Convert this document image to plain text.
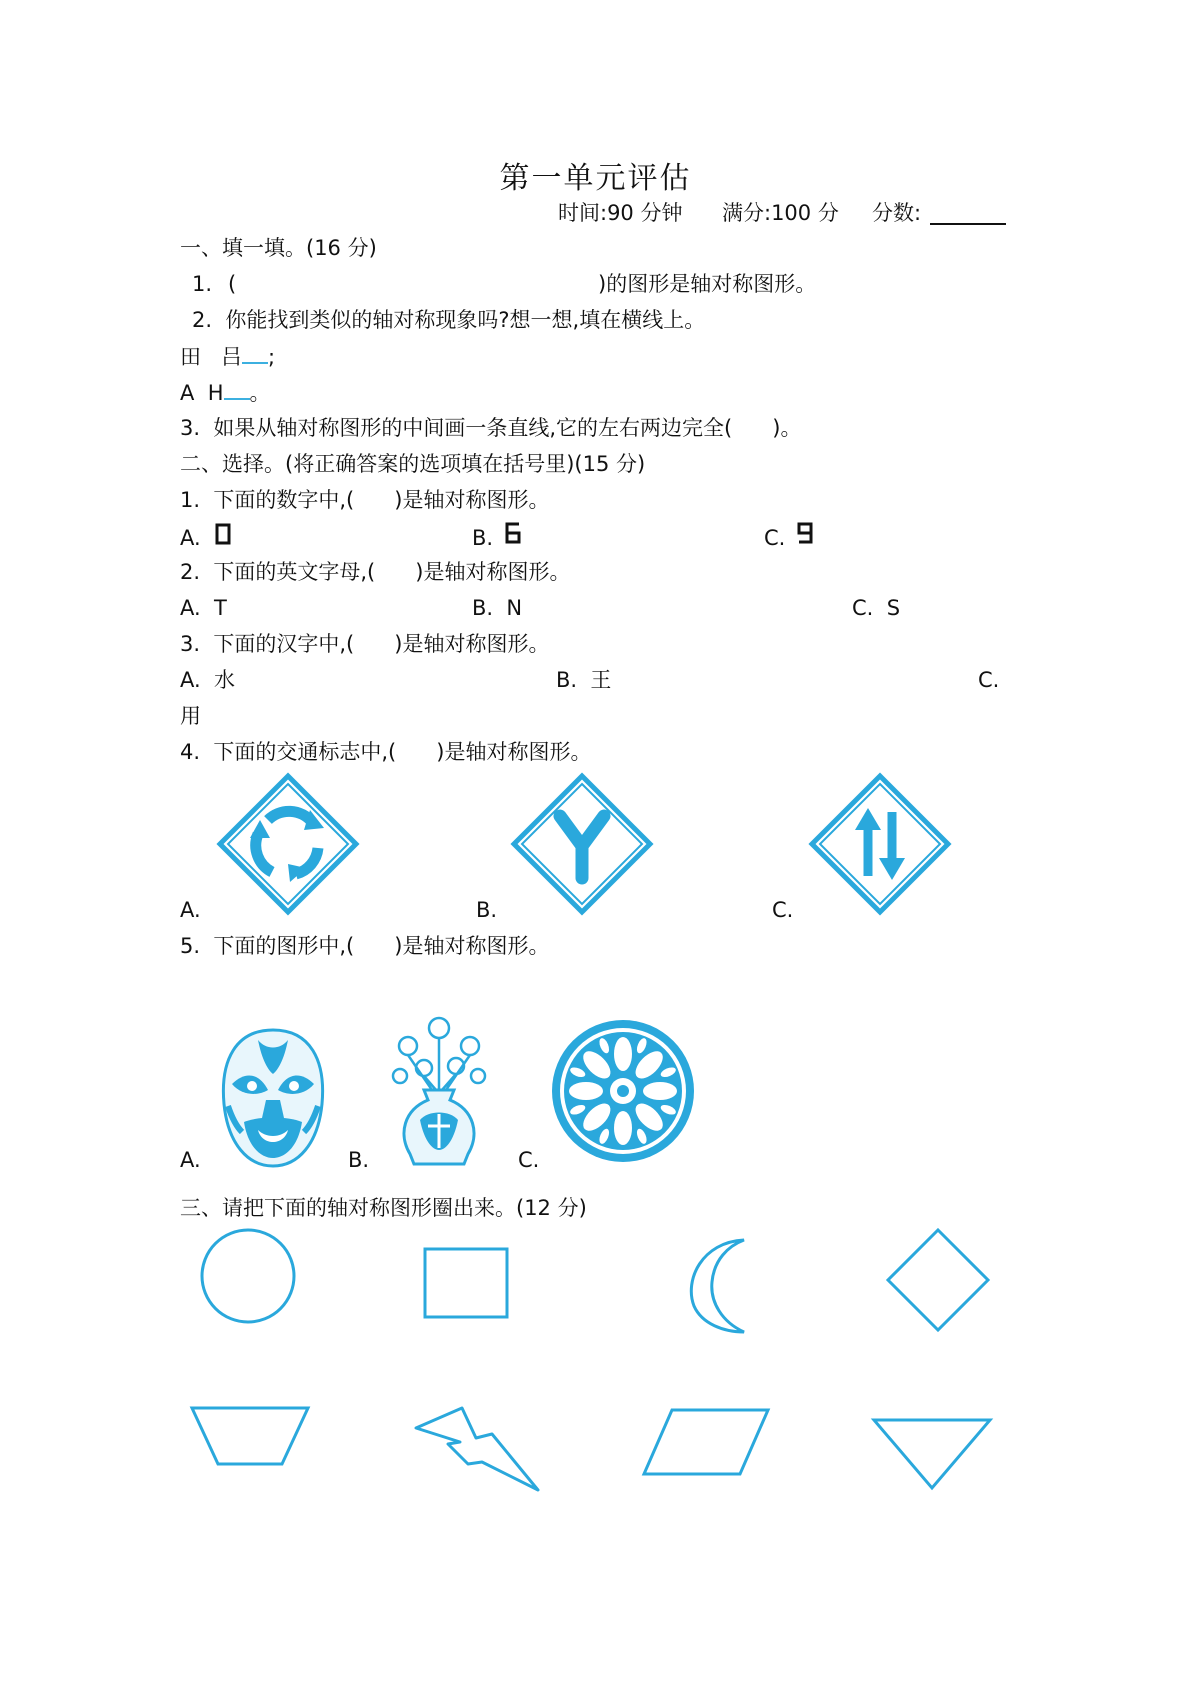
第一单元评估
时间:90 分钟 满分:100 分 分数:
一、填一填。(16 分)
1. (	)的图形是轴对称图形。
2.  你能找到类似的轴对称现象吗?想一想,填在横线上。
田   吕 ;
A  H 。
3.  如果从轴对称图形的中间画一条直线,它的左右两边完全(      )。
二、选择。(将正确答案的选项填在括号里)(15 分)
1.  下面的数字中,(      )是轴对称图形。
A.	B.	C.
2.  下面的英文字母,(      )是轴对称图形。
A.  T	B.  N	C.  S
3.  下面的汉字中,(      )是轴对称图形。
A.  水	B.  王	C.
用
4.  下面的交通标志中,(      )是轴对称图形。
A.	B.	C.
5.  下面的图形中,(      )是轴对称图形。
A.	B.	C.
三、请把下面的轴对称图形圈出来。(12 分)
